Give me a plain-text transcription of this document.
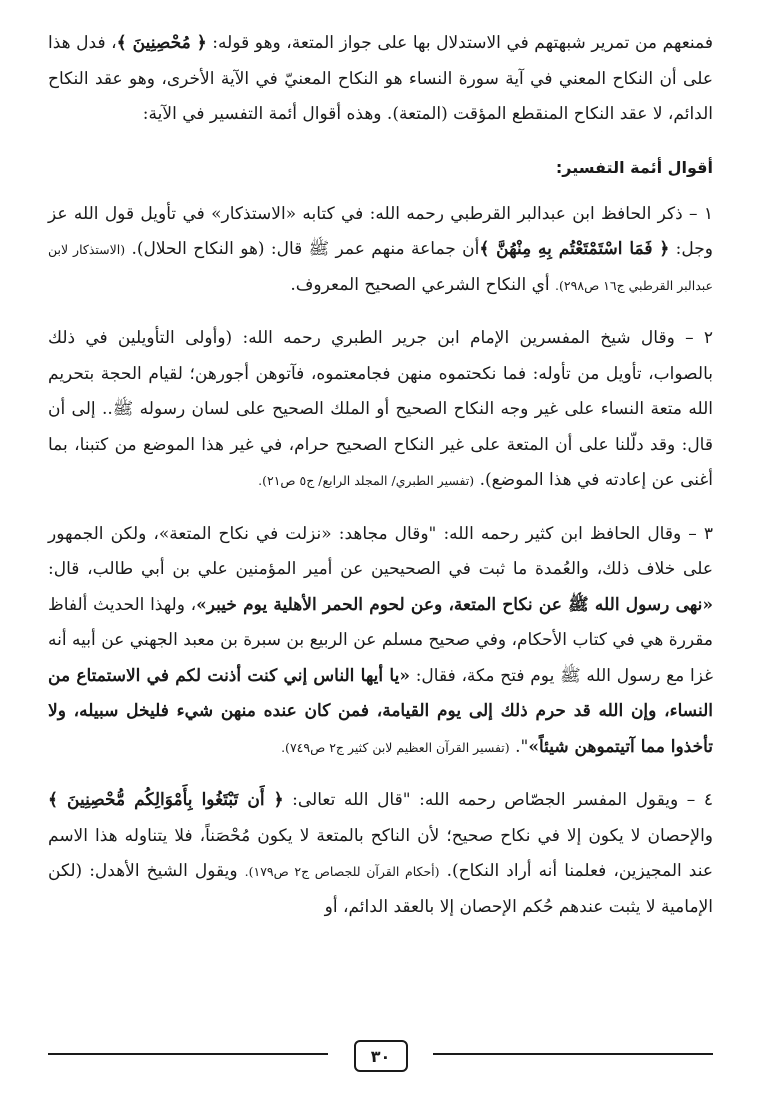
فمنعهم من تمرير شبهتهم في الاستدلال بها على جواز المتعة، وهو قوله: ﴿ مُحْصِنِينَ ﴾، فدل هذا على أن النكاح المعني في آية سورة النساء هو النكاح المعنيّ في الآية الأخرى، وهو عقد النكاح الدائم، لا عقد النكاح المنقطع المؤقت (المتعة). وهذه أقوال أئمة التفسير في الآية:

أقوال أئمة التفسير:

١ – ذكر الحافظ ابن عبدالبر القرطبي رحمه الله: في كتابه «الاستذكار» في تأويل قول الله عز وجل: ﴿ فَمَا اسْتَمْتَعْتُم بِهِ مِنْهُنَّ ﴾أن جماعة منهم عمر ﷺ قال: (هو النكاح الحلال). (الاستذكار لابن عبدالبر القرطبي ج١٦ ص٢٩٨). أي النكاح الشرعي الصحيح المعروف.

٢ – وقال شيخ المفسرين الإمام ابن جرير الطبري رحمه الله: (وأولى التأويلين في ذلك بالصواب، تأويل من تأوله: فما نكحتموه منهن فجامعتموه، فآتوهن أجورهن؛ لقيام الحجة بتحريم الله متعة النساء على غير وجه النكاح الصحيح أو الملك الصحيح على لسان رسوله ﷺ.. إلى أن قال: وقد دلّلنا على أن المتعة على غير النكاح الصحيح حرام، في غير هذا الموضع من كتبنا، بما أغنى عن إعادته في هذا الموضع). (تفسير الطبري/ المجلد الرابع/ ج٥ ص٢١).

٣ – وقال الحافظ ابن كثير رحمه الله: "وقال مجاهد: «نزلت في نكاح المتعة»، ولكن الجمهور على خلاف ذلك، والعُمدة ما ثبت في الصحيحين عن أمير المؤمنين علي بن أبي طالب، قال: «نهى رسول الله ﷺ عن نكاح المتعة، وعن لحوم الحمر الأهلية يوم خيبر»، ولهذا الحديث ألفاظ مقررة هي في كتاب الأحكام، وفي صحيح مسلم عن الربيع بن سبرة بن معبد الجهني عن أبيه أنه غزا مع رسول الله ﷺ يوم فتح مكة، فقال: «يا أيها الناس إني كنت أذنت لكم في الاستمتاع من النساء، وإن الله قد حرم ذلك إلى يوم القيامة، فمن كان عنده منهن شيء فليخل سبيله، ولا تأخذوا مما آتيتموهن شيئاً»". (تفسير القرآن العظيم لابن كثير ج٢ ص٧٤٩).

٤ – ويقول المفسر الجصّاص رحمه الله: "قال الله تعالى: ﴿ أَن تَبْتَغُوا بِأَمْوَالِكُم مُّحْصِنِينَ ﴾ والإحصان لا يكون إلا في نكاح صحيح؛ لأن الناكح بالمتعة لا يكون مُحْصَناً، فلا يتناوله هذا الاسم عند المجيزين، فعلمنا أنه أراد النكاح). (أحكام القرآن للجصاص ج٢ ص١٧٩). ويقول الشيخ الأهدل: (لكن الإمامية لا يثبت عندهم حُكم الإحصان إلا بالعقد الدائم، أو

٣٠
